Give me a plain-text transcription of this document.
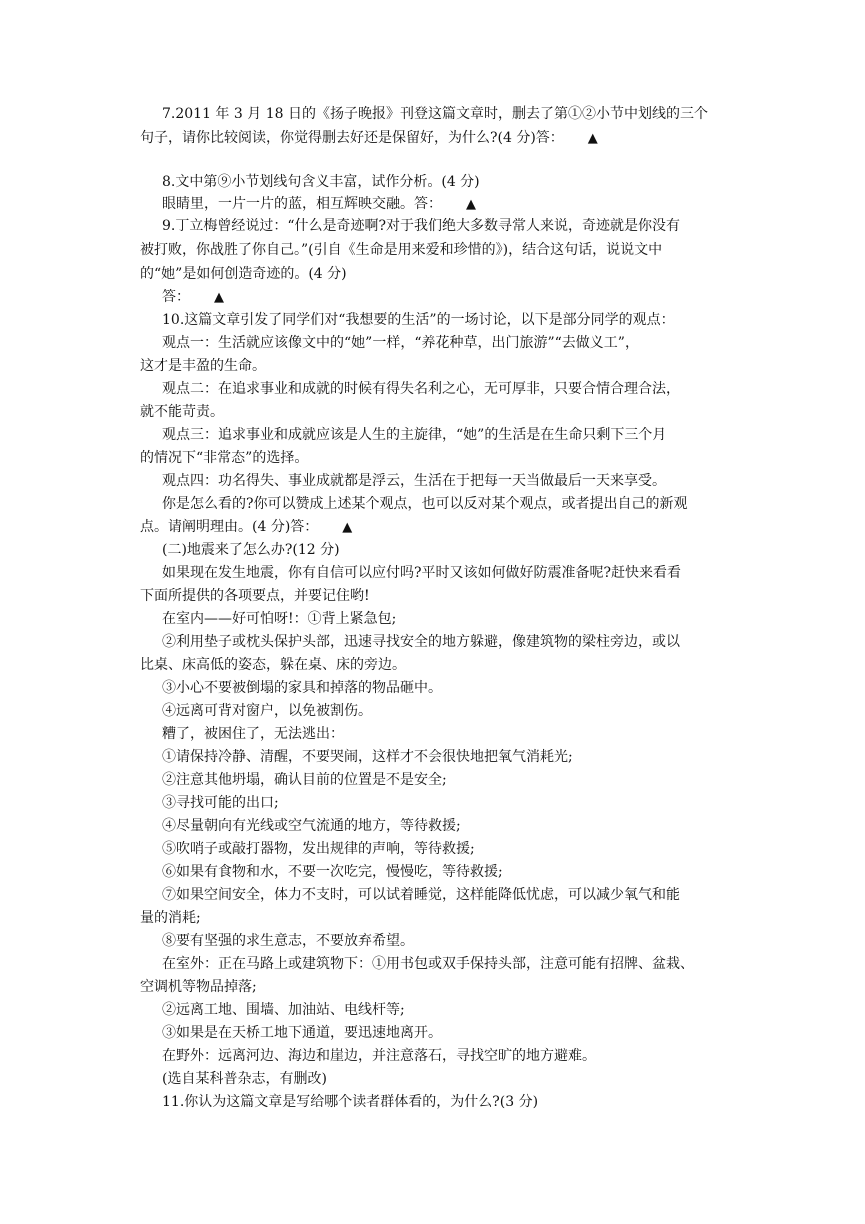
7.2011 年 3 月 18 日的《扬子晚报》刊登这篇文章时，删去了第①②小节中划线的三个
句子，请你比较阅读，你觉得删去好还是保留好，为什么?(4 分)答： ▲
8.文中第⑨小节划线句含义丰富，试作分析。(4 分)
眼睛里，一片一片的蓝，相互辉映交融。答： ▲
9.丁立梅曾经说过：“什么是奇迹啊?对于我们绝大多数寻常人来说，奇迹就是你没有
被打败，你战胜了你自己。”(引自《生命是用来爱和珍惜的》)，结合这句话，说说文中
的“她”是如何创造奇迹的。(4 分)
答： ▲
10.这篇文章引发了同学们对“我想要的生活”的一场讨论，以下是部分同学的观点：
观点一：生活就应该像文中的“她”一样，“养花种草，出门旅游”“去做义工”，
这才是丰盈的生命。
观点二：在追求事业和成就的时候有得失名利之心，无可厚非，只要合情合理合法，
就不能苛责。
观点三：追求事业和成就应该是人生的主旋律，“她”的生活是在生命只剩下三个月
的情况下“非常态”的选择。
观点四：功名得失、事业成就都是浮云，生活在于把每一天当做最后一天来享受。
你是怎么看的?你可以赞成上述某个观点，也可以反对某个观点，或者提出自己的新观
点。请阐明理由。(4 分)答： ▲
(二)地震来了怎么办?(12 分)
如果现在发生地震，你有自信可以应付吗?平时又该如何做好防震准备呢?赶快来看看
下面所提供的各项要点，并要记住哟!
在室内——好可怕呀!：①背上紧急包;
②利用垫子或枕头保护头部，迅速寻找安全的地方躲避，像建筑物的梁柱旁边，或以
比桌、床高低的姿态，躲在桌、床的旁边。
③小心不要被倒塌的家具和掉落的物品砸中。
④远离可背对窗户，以免被割伤。
糟了，被困住了，无法逃出：
①请保持冷静、清醒，不要哭闹，这样才不会很快地把氧气消耗光;
②注意其他坍塌，确认目前的位置是不是安全;
③寻找可能的出口;
④尽量朝向有光线或空气流通的地方，等待救援;
⑤吹哨子或敲打器物，发出规律的声响，等待救援;
⑥如果有食物和水，不要一次吃完，慢慢吃，等待救援;
⑦如果空间安全，体力不支时，可以试着睡觉，这样能降低忧虑，可以减少氧气和能
量的消耗;
⑧要有坚强的求生意志，不要放弃希望。
在室外：正在马路上或建筑物下：①用书包或双手保持头部，注意可能有招牌、盆栽、
空调机等物品掉落;
②远离工地、围墙、加油站、电线杆等;
③如果是在天桥工地下通道，要迅速地离开。
在野外：远离河边、海边和崖边，并注意落石，寻找空旷的地方避难。
(选自某科普杂志，有删改)
11.你认为这篇文章是写给哪个读者群体看的，为什么?(3 分)
